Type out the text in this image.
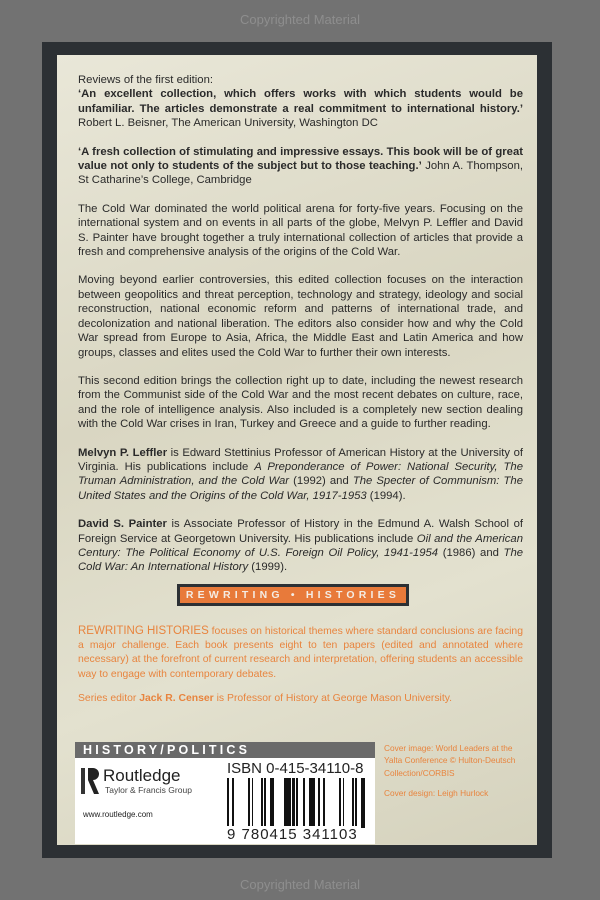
Copyrighted Material

Reviews of the first edition:
‘An excellent collection, which offers works with which students would be unfamiliar. The articles demonstrate a real commitment to international history.’ Robert L. Beisner, The American University, Washington DC

‘A fresh collection of stimulating and impressive essays. This book will be of great value not only to students of the subject but to those teaching.’ John A. Thompson, St Catharine’s College, Cambridge

The Cold War dominated the world political arena for forty-five years. Focusing on the international system and on events in all parts of the globe, Melvyn P. Leffler and David S. Painter have brought together a truly international collection of articles that provide a fresh and comprehensive analysis of the origins of the Cold War.

Moving beyond earlier controversies, this edited collection focuses on the interaction between geopolitics and threat perception, technology and strategy, ideology and social reconstruction, national economic reform and patterns of international trade, and decolonization and national liberation. The editors also consider how and why the Cold War spread from Europe to Asia, Africa, the Middle East and Latin America and how groups, classes and elites used the Cold War to further their own interests.

This second edition brings the collection right up to date, including the newest research from the Communist side of the Cold War and the most recent debates on culture, race, and the role of intelligence analysis. Also included is a completely new section dealing with the Cold War crises in Iran, Turkey and Greece and a guide to further reading.

Melvyn P. Leffler is Edward Stettinius Professor of American History at the University of Virginia. His publications include A Preponderance of Power: National Security, The Truman Administration, and the Cold War (1992) and The Specter of Communism: The United States and the Origins of the Cold War, 1917-1953 (1994).

David S. Painter is Associate Professor of History in the Edmund A. Walsh School of Foreign Service at Georgetown University. His publications include Oil and the American Century: The Political Economy of U.S. Foreign Oil Policy, 1941-1954 (1986) and The Cold War: An International History (1999).

REWRITING • HISTORIES

REWRITING HISTORIES focuses on historical themes where standard conclusions are facing a major challenge. Each book presents eight to ten papers (edited and annotated where necessary) at the forefront of current research and interpretation, offering students an accessible way to engage with contemporary debates.

Series editor Jack R. Censer is Professor of History at George Mason University.

HISTORY/POLITICS
Routledge
Taylor & Francis Group
www.routledge.com
ISBN 0-415-34110-8
9 780415 341103

Cover image: World Leaders at the Yalta Conference © Hulton-Deutsch Collection/CORBIS

Cover design: Leigh Hurlock

Copyrighted Material
